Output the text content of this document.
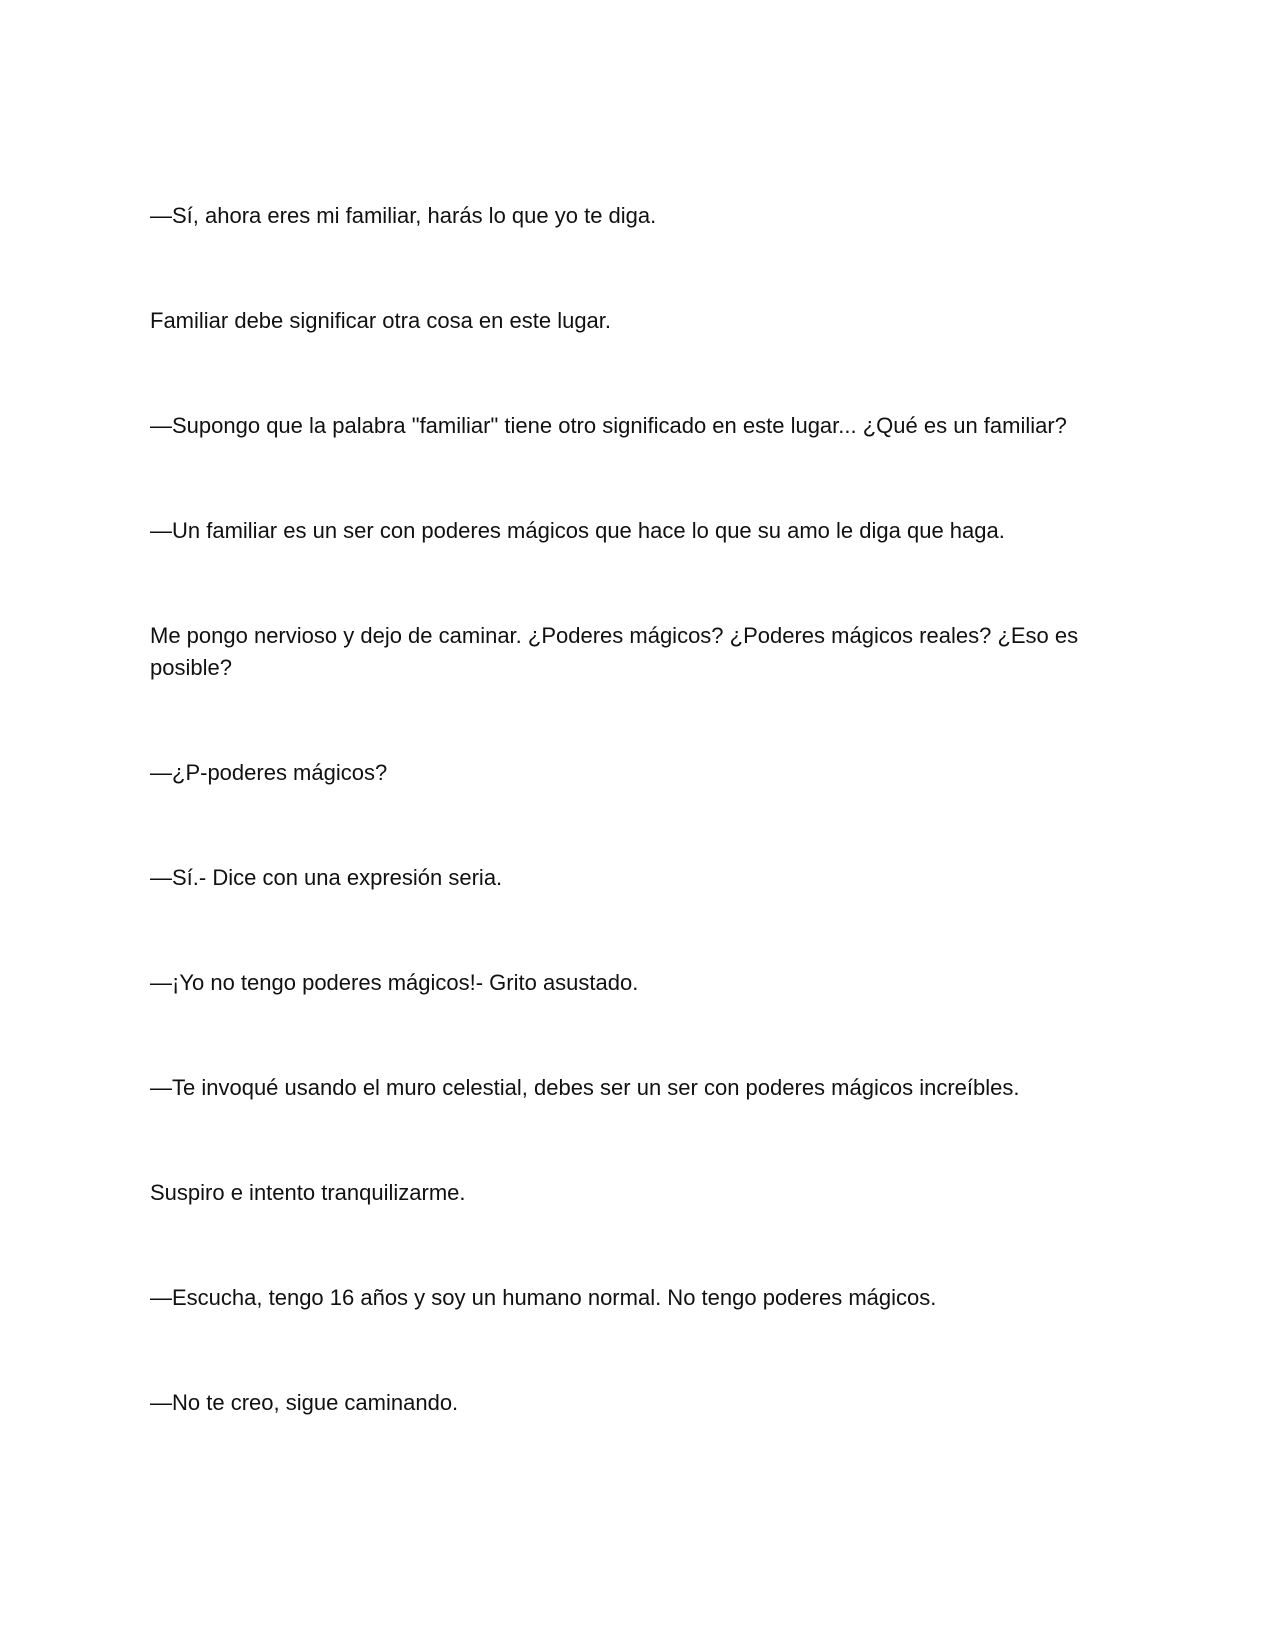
—Sí, ahora eres mi familiar, harás lo que yo te diga.

Familiar debe significar otra cosa en este lugar.

—Supongo que la palabra "familiar" tiene otro significado en este lugar... ¿Qué es un familiar?

—Un familiar es un ser con poderes mágicos que hace lo que su amo le diga que haga.

Me pongo nervioso y dejo de caminar. ¿Poderes mágicos? ¿Poderes mágicos reales? ¿Eso es posible?

—¿P-poderes mágicos?

—Sí.- Dice con una expresión seria.

—¡Yo no tengo poderes mágicos!- Grito asustado.

—Te invoqué usando el muro celestial, debes ser un ser con poderes mágicos increíbles.

Suspiro e intento tranquilizarme.

—Escucha, tengo 16 años y soy un humano normal. No tengo poderes mágicos.

—No te creo, sigue caminando.
